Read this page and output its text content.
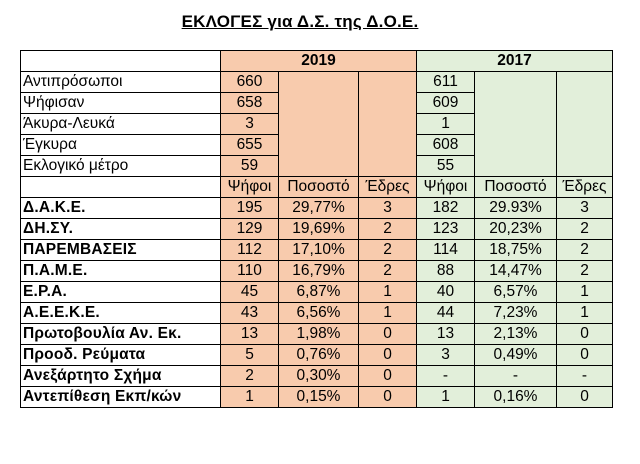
ΕΚΛΟΓΕΣ για Δ.Σ. της Δ.Ο.Ε.
	2019			2017		
Αντιπρόσωποι	660			611		
Ψήφισαν	658			609		
Άκυρα-Λευκά	3			1		
Έγκυρα	655			608		
Εκλογικό μέτρο	59			55		
	Ψήφοι	Ποσοστό	Έδρες	Ψήφοι	Ποσοστό	Έδρες
Δ.Α.Κ.Ε.	195	29,77%	3	182	29.93%	3
ΔΗ.ΣΥ.	129	19,69%	2	123	20,23%	2
ΠΑΡΕΜΒΑΣΕΙΣ	112	17,10%	2	114	18,75%	2
Π.Α.Μ.Ε.	110	16,79%	2	88	14,47%	2
Ε.Ρ.Α.	45	6,87%	1	40	6,57%	1
Α.Ε.Ε.Κ.Ε.	43	6,56%	1	44	7,23%	1
Πρωτοβουλία Αν. Εκ.	13	1,98%	0	13	2,13%	0
Προοδ. Ρεύματα	5	0,76%	0	3	0,49%	0
Ανεξάρτητο Σχήμα	2	0,30%	0	-	-	-
Αντεπίθεση Εκπ/κών	1	0,15%	0	1	0,16%	0
